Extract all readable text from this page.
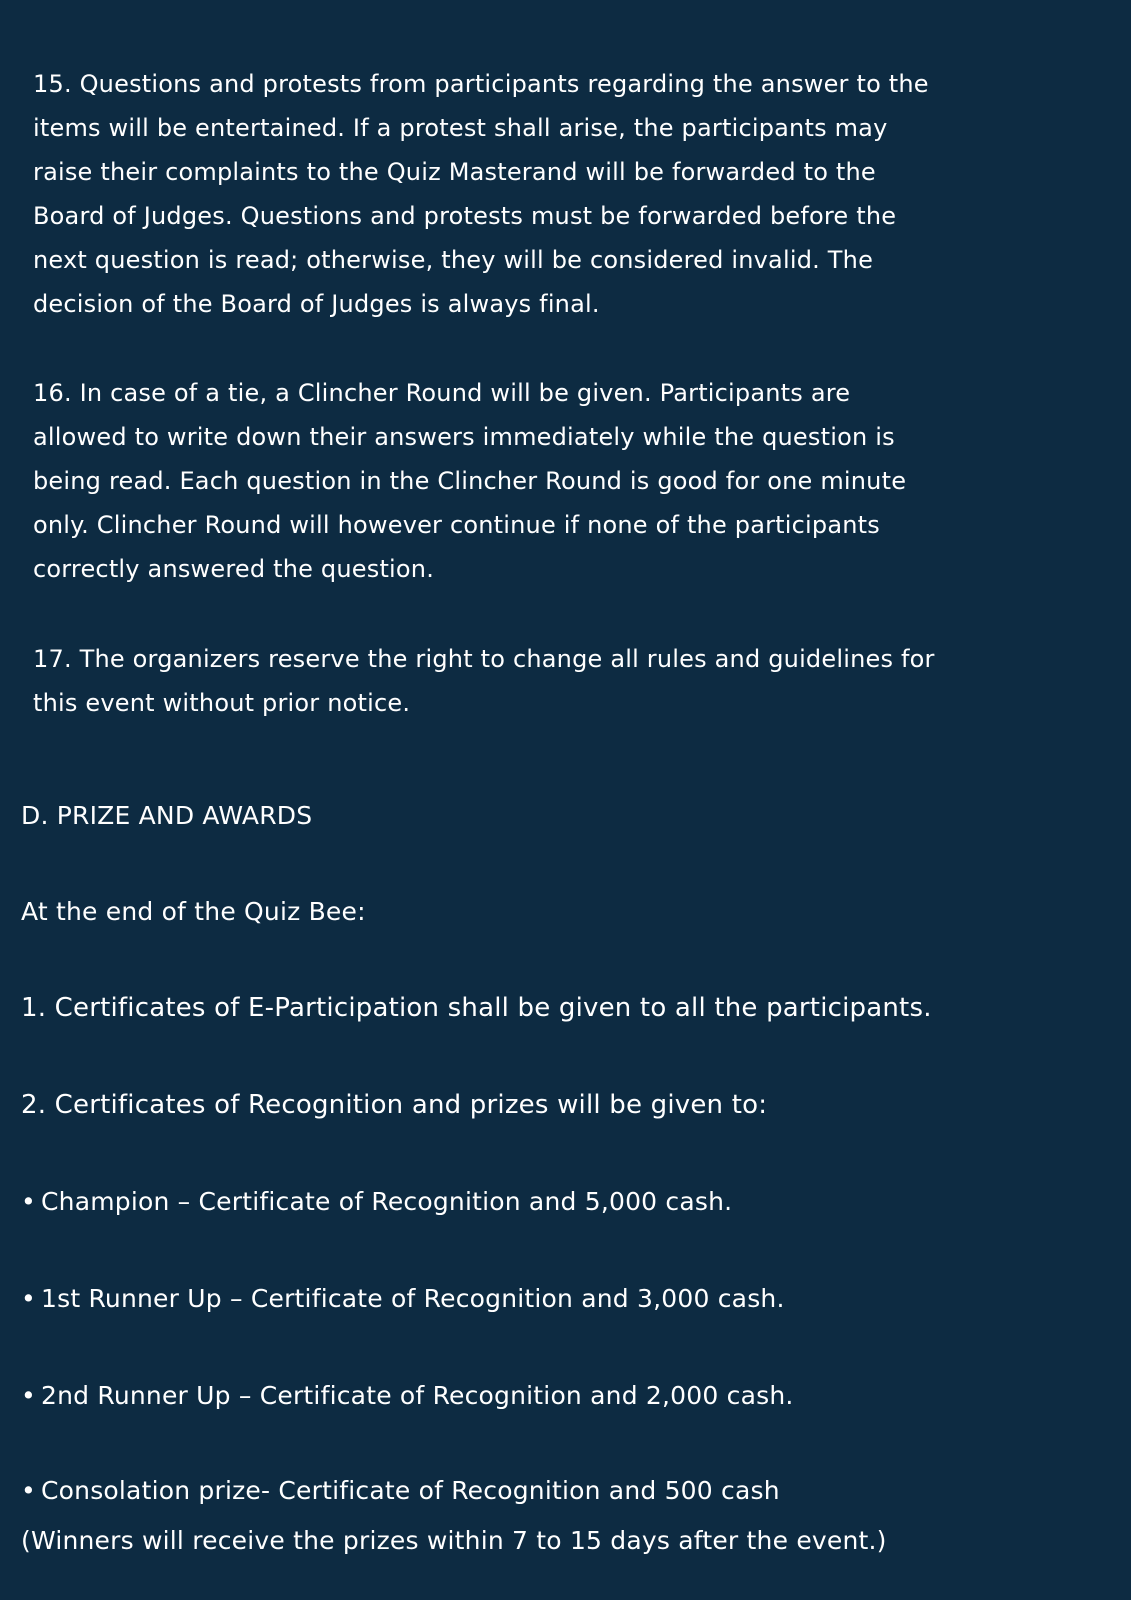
15. Questions and protests from participants regarding the answer to the
items will be entertained. If a protest shall arise, the participants may
raise their complaints to the Quiz Masterand will be forwarded to the
Board of Judges. Questions and protests must be forwarded before the
next question is read; otherwise, they will be considered invalid. The
decision of the Board of Judges is always final.
16. In case of a tie, a Clincher Round will be given. Participants are
allowed to write down their answers immediately while the question is
being read. Each question in the Clincher Round is good for one minute
only. Clincher Round will however continue if none of the participants
correctly answered the question.
17. The organizers reserve the right to change all rules and guidelines for
this event without prior notice.
D. PRIZE AND AWARDS
At the end of the Quiz Bee:
1. Certificates of E-Participation shall be given to all the participants.
2. Certificates of Recognition and prizes will be given to:
• Champion – Certificate of Recognition and 5,000 cash.
• 1st Runner Up – Certificate of Recognition and 3,000 cash.
• 2nd Runner Up – Certificate of Recognition and 2,000 cash.
• Consolation prize- Certificate of Recognition and 500 cash
(Winners will receive the prizes within 7 to 15 days after the event.)
